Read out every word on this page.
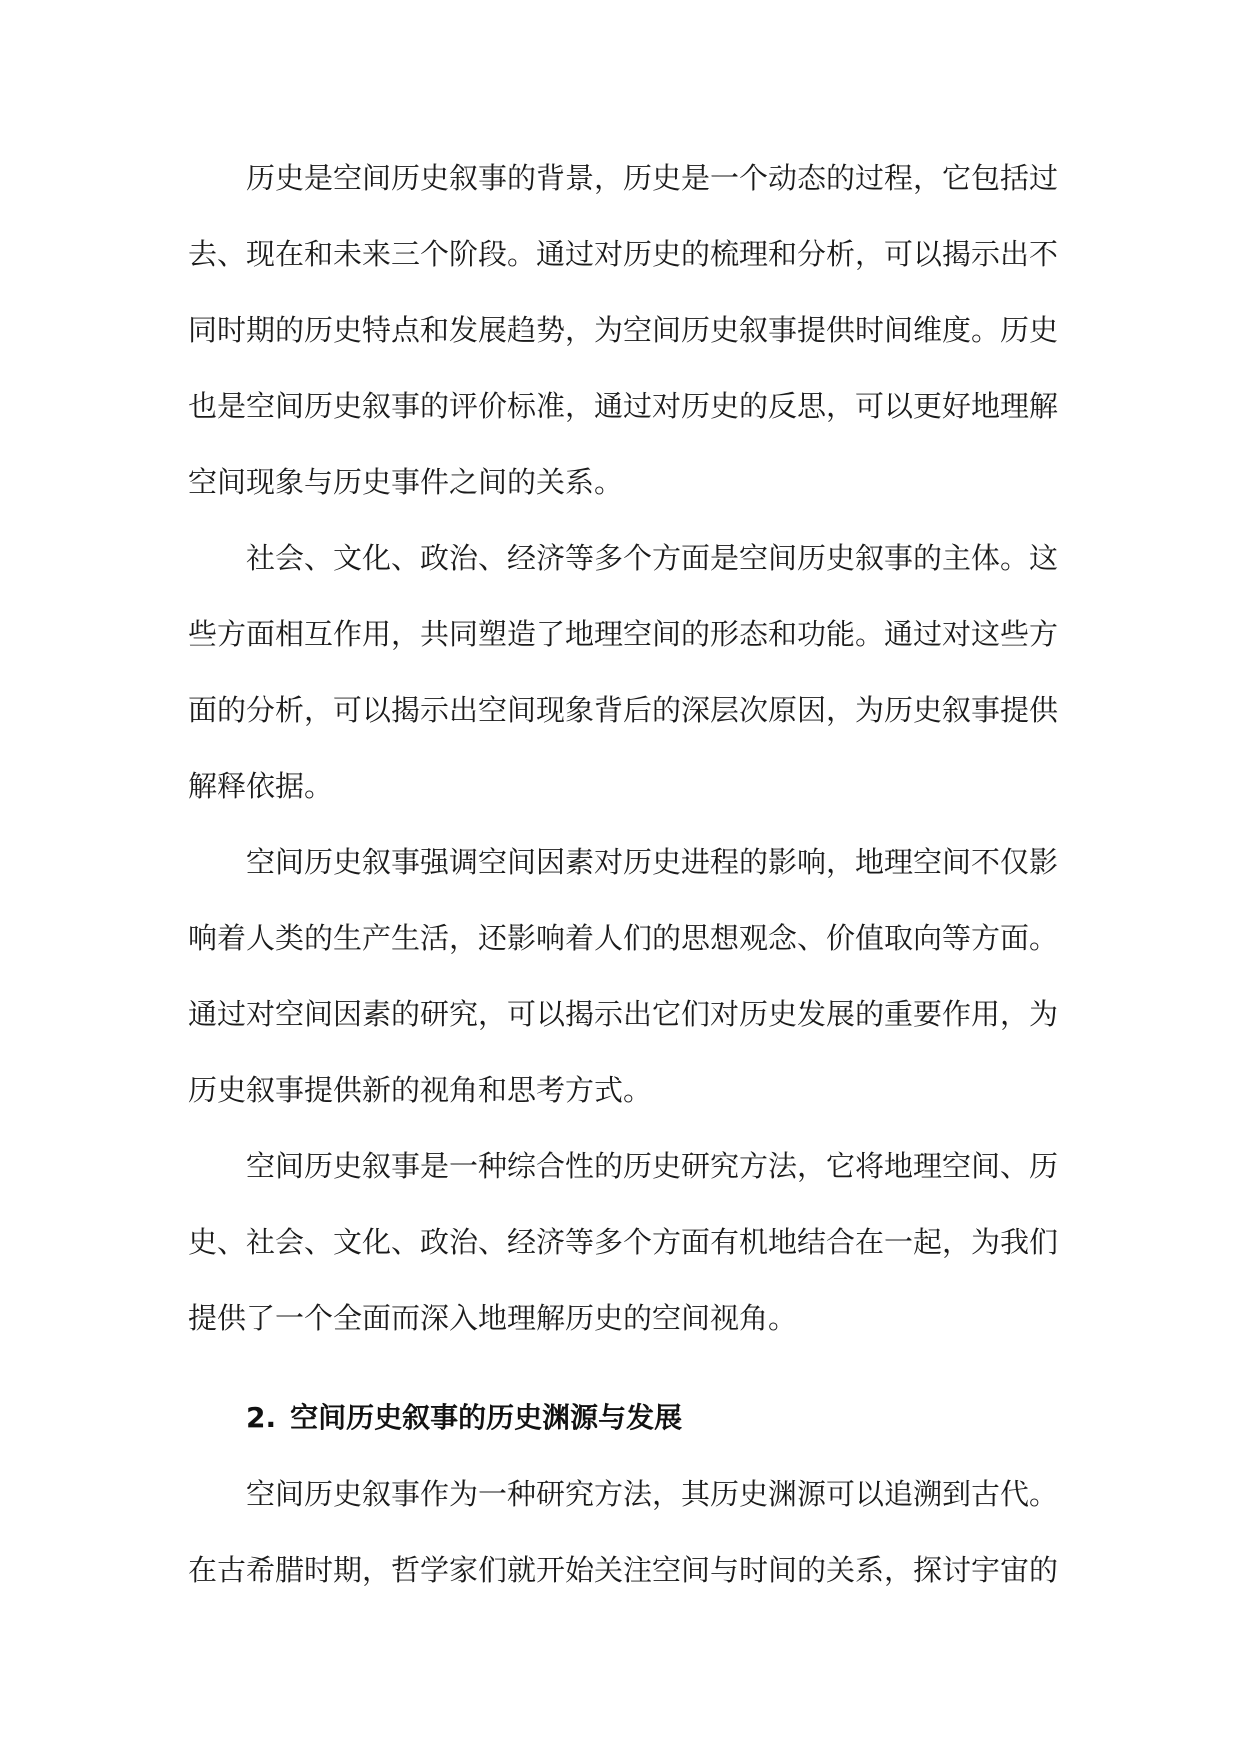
历史是空间历史叙事的背景，历史是一个动态的过程，它包括过去、现在和未来三个阶段。通过对历史的梳理和分析，可以揭示出不同时期的历史特点和发展趋势，为空间历史叙事提供时间维度。历史也是空间历史叙事的评价标准，通过对历史的反思，可以更好地理解空间现象与历史事件之间的关系。

社会、文化、政治、经济等多个方面是空间历史叙事的主体。这些方面相互作用，共同塑造了地理空间的形态和功能。通过对这些方面的分析，可以揭示出空间现象背后的深层次原因，为历史叙事提供解释依据。

空间历史叙事强调空间因素对历史进程的影响，地理空间不仅影响着人类的生产生活，还影响着人们的思想观念、价值取向等方面。通过对空间因素的研究，可以揭示出它们对历史发展的重要作用，为历史叙事提供新的视角和思考方式。

空间历史叙事是一种综合性的历史研究方法，它将地理空间、历史、社会、文化、政治、经济等多个方面有机地结合在一起，为我们提供了一个全面而深入地理解历史的空间视角。

2. 空间历史叙事的历史渊源与发展

空间历史叙事作为一种研究方法，其历史渊源可以追溯到古代。在古希腊时期，哲学家们就开始关注空间与时间的关系，探讨宇宙的
